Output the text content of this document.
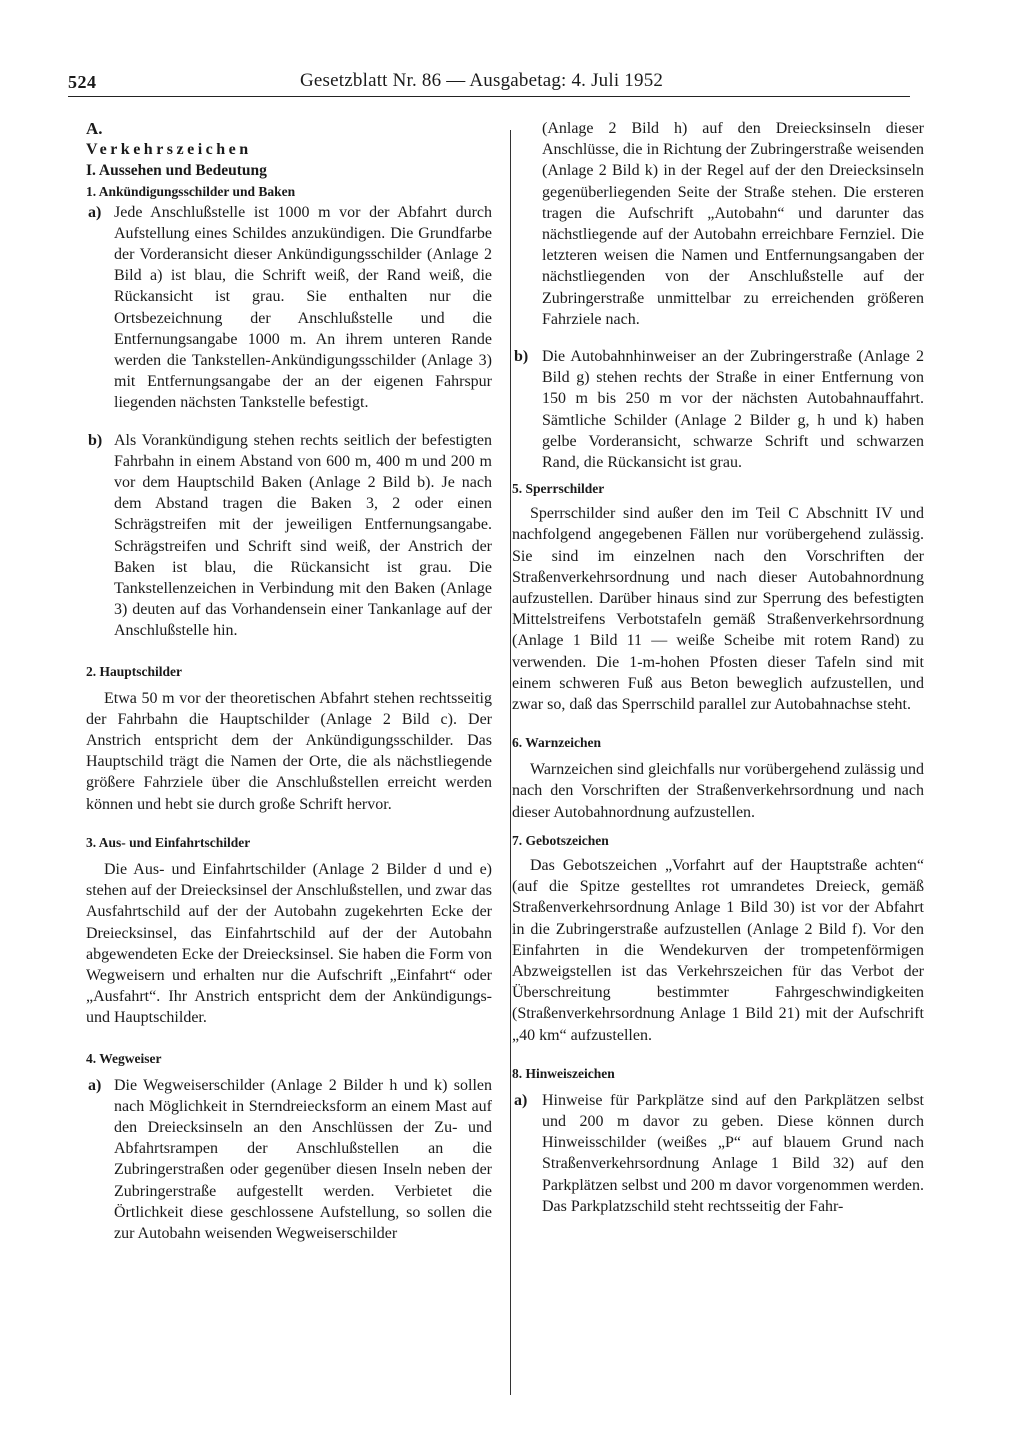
524	Gesetzblatt Nr. 86 — Ausgabetag: 4. Juli 1952

A.

Verkehrszeichen

I. Aussehen und Bedeutung

1. Ankündigungsschilder und Baken

a) Jede Anschlußstelle ist 1000 m vor der Abfahrt durch Aufstellung eines Schildes anzukündigen. Die Grundfarbe der Vorderansicht dieser Ankündigungsschilder (Anlage 2 Bild a) ist blau, die Schrift weiß, der Rand weiß, die Rückansicht ist grau. Sie enthalten nur die Ortsbezeichnung der Anschlußstelle und die Entfernungsangabe 1000 m. An ihrem unteren Rande werden die Tankstellen-Ankündigungsschilder (Anlage 3) mit Entfernungsangabe der an der eigenen Fahrspur liegenden nächsten Tankstelle befestigt.

b) Als Vorankündigung stehen rechts seitlich der befestigten Fahrbahn in einem Abstand von 600 m, 400 m und 200 m vor dem Hauptschild Baken (Anlage 2 Bild b). Je nach dem Abstand tragen die Baken 3, 2 oder einen Schrägstreifen mit der jeweiligen Entfernungsangabe. Schrägstreifen und Schrift sind weiß, der Anstrich der Baken ist blau, die Rückansicht ist grau. Die Tankstellenzeichen in Verbindung mit den Baken (Anlage 3) deuten auf das Vorhandensein einer Tankanlage auf der Anschlußstelle hin.

2. Hauptschilder

Etwa 50 m vor der theoretischen Abfahrt stehen rechtsseitig der Fahrbahn die Hauptschilder (Anlage 2 Bild c). Der Anstrich entspricht dem der Ankündigungsschilder. Das Hauptschild trägt die Namen der Orte, die als nächstliegende größere Fahrziele über die Anschlußstellen erreicht werden können und hebt sie durch große Schrift hervor.

3. Aus- und Einfahrtschilder

Die Aus- und Einfahrtschilder (Anlage 2 Bilder d und e) stehen auf der Dreiecksinsel der Anschlußstellen, und zwar das Ausfahrtschild auf der der Autobahn zugekehrten Ecke der Dreiecksinsel, das Einfahrtschild auf der der Autobahn abgewendeten Ecke der Dreiecksinsel. Sie haben die Form von Wegweisern und erhalten nur die Aufschrift „Einfahrt“ oder „Ausfahrt“. Ihr Anstrich entspricht dem der Ankündigungs- und Hauptschilder.

4. Wegweiser

a) Die Wegweiserschilder (Anlage 2 Bilder h und k) sollen nach Möglichkeit in Sterndreiecksform an einem Mast auf den Dreiecksinseln an den Anschlüssen der Zu- und Abfahrtsrampen der Anschlußstellen an die Zubringerstraßen oder gegenüber diesen Inseln neben der Zubringerstraße aufgestellt werden. Verbietet die Örtlichkeit diese geschlossene Aufstellung, so sollen die zur Autobahn weisenden Wegweiserschilder

(Anlage 2 Bild h) auf den Dreiecksinseln dieser Anschlüsse, die in Richtung der Zubringerstraße weisenden (Anlage 2 Bild k) in der Regel auf der den Dreiecksinseln gegenüberliegenden Seite der Straße stehen. Die ersteren tragen die Aufschrift „Autobahn“ und darunter das nächstliegende auf der Autobahn erreichbare Fernziel. Die letzteren weisen die Namen und Entfernungsangaben der nächstliegenden von der Anschlußstelle auf der Zubringerstraße unmittelbar zu erreichenden größeren Fahrziele nach.

b) Die Autobahnhinweiser an der Zubringerstraße (Anlage 2 Bild g) stehen rechts der Straße in einer Entfernung von 150 m bis 250 m vor der nächsten Autobahnauffahrt. Sämtliche Schilder (Anlage 2 Bilder g, h und k) haben gelbe Vorderansicht, schwarze Schrift und schwarzen Rand, die Rückansicht ist grau.

5. Sperrschilder

Sperrschilder sind außer den im Teil C Abschnitt IV und nachfolgend angegebenen Fällen nur vorübergehend zulässig. Sie sind im einzelnen nach den Vorschriften der Straßenverkehrsordnung und nach dieser Autobahnordnung aufzustellen. Darüber hinaus sind zur Sperrung des befestigten Mittelstreifens Verbotstafeln gemäß Straßenverkehrsordnung (Anlage 1 Bild 11 — weiße Scheibe mit rotem Rand) zu verwenden. Die 1-m-hohen Pfosten dieser Tafeln sind mit einem schweren Fuß aus Beton beweglich aufzustellen, und zwar so, daß das Sperrschild parallel zur Autobahnachse steht.

6. Warnzeichen

Warnzeichen sind gleichfalls nur vorübergehend zulässig und nach den Vorschriften der Straßenverkehrsordnung und nach dieser Autobahnordnung aufzustellen.

7. Gebotszeichen

Das Gebotszeichen „Vorfahrt auf der Hauptstraße achten“ (auf die Spitze gestelltes rot umrandetes Dreieck, gemäß Straßenverkehrsordnung Anlage 1 Bild 30) ist vor der Abfahrt in die Zubringerstraße aufzustellen (Anlage 2 Bild f). Vor den Einfahrten in die Wendekurven der trompetenförmigen Abzweigstellen ist das Verkehrszeichen für das Verbot der Überschreitung bestimmter Fahrgeschwindigkeiten (Straßenverkehrsordnung Anlage 1 Bild 21) mit der Aufschrift „40 km“ aufzustellen.

8. Hinweiszeichen

a) Hinweise für Parkplätze sind auf den Parkplätzen selbst und 200 m davor zu geben. Diese können durch Hinweisschilder (weißes „P“ auf blauem Grund nach Straßenverkehrsordnung Anlage 1 Bild 32) auf den Parkplätzen selbst und 200 m davor vorgenommen werden. Das Parkplatzschild steht rechtsseitig der Fahr-
